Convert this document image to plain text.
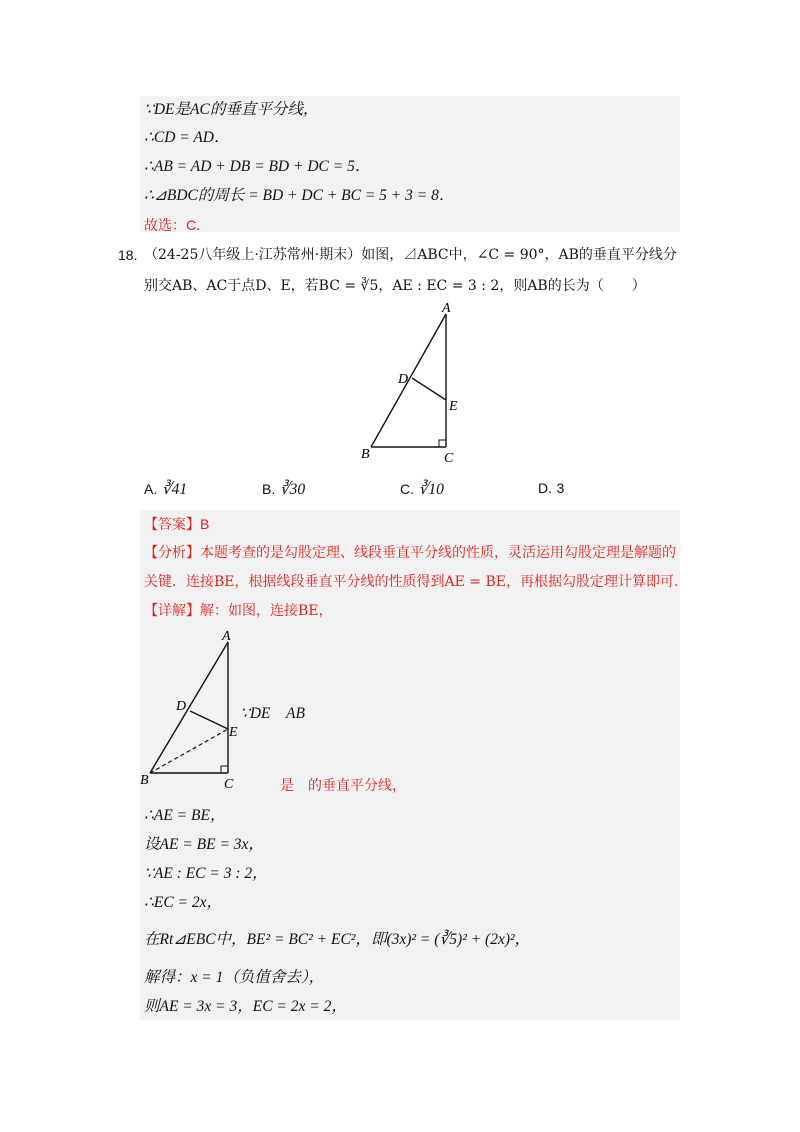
∵DE是AC的垂直平分线，
∴CD = AD．
∴AB = AD + DB = BD + DC = 5．
∴⊿BDC的周长 = BD + DC + BC = 5 + 3 = 8．
故选：C．
18. （24-25八年级上·江苏常州·期末）如图，⊿ABC中，∠C = 90°，AB的垂直平分线分
别交AB、AC于点D、E，若BC = ∛5，AE : EC = 3 : 2，则AB的长为（　　）
A
D
E
B	C
A. ∛41	B. ∛30	C. ∛10	D. 3
【答案】B
【分析】本题考查的是勾股定理、线段垂直平分线的性质，灵活运用勾股定理是解题的
关键．连接BE，根据线段垂直平分线的性质得到AE = BE，再根据勾股定理计算即可．
【详解】解：如图，连接BE，
A
D
E
B	C
∵DE　AB
是　的垂直平分线，
∴AE = BE，
设AE = BE = 3x，
∵AE : EC = 3 : 2，
∴EC = 2x，
在Rt⊿EBC中，BE² = BC² + EC²，即(3x)² = (∛5)² + (2x)²，
解得：x = 1（负值舍去），
则AE = 3x = 3，EC = 2x = 2，
